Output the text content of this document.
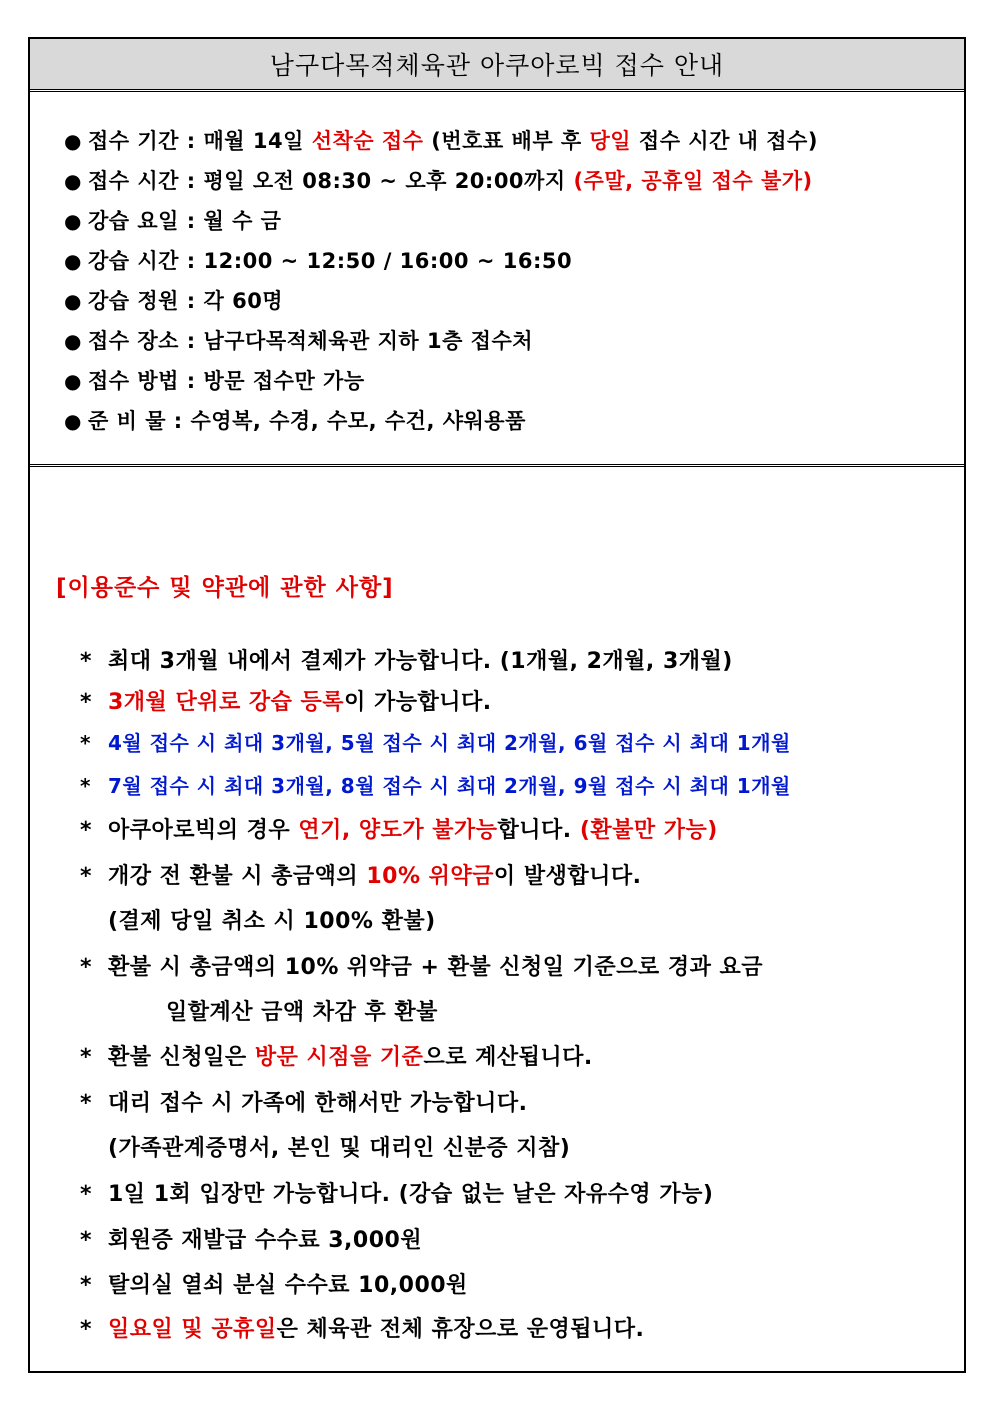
남구다목적체육관 아쿠아로빅 접수 안내
● 접수 기간 : 매월 14일 선착순 접수 (번호표 배부 후 당일 접수 시간 내 접수)
● 접수 시간 : 평일 오전 08:30 ~ 오후 20:00까지 (주말, 공휴일 접수 불가)
● 강습 요일 : 월 수 금
● 강습 시간 : 12:00 ~ 12:50 / 16:00 ~ 16:50
● 강습 정원 : 각 60명
● 접수 장소 : 남구다목적체육관 지하 1층 접수처
● 접수 방법 : 방문 접수만 가능
● 준 비 물 : 수영복, 수경, 수모, 수건, 샤워용품
[이용준수 및 약관에 관한 사항]
* 최대 3개월 내에서 결제가 가능합니다. (1개월, 2개월, 3개월)
* 3개월 단위로 강습 등록이 가능합니다.
* 4월 접수 시 최대 3개월, 5월 접수 시 최대 2개월, 6월 접수 시 최대 1개월
* 7월 접수 시 최대 3개월, 8월 접수 시 최대 2개월, 9월 접수 시 최대 1개월
* 아쿠아로빅의 경우 연기, 양도가 불가능합니다. (환불만 가능)
* 개강 전 환불 시 총금액의 10% 위약금이 발생합니다.
(결제 당일 취소 시 100% 환불)
* 환불 시 총금액의 10% 위약금 + 환불 신청일 기준으로 경과 요금
일할계산 금액 차감 후 환불
* 환불 신청일은 방문 시점을 기준으로 계산됩니다.
* 대리 접수 시 가족에 한해서만 가능합니다.
(가족관계증명서, 본인 및 대리인 신분증 지참)
* 1일 1회 입장만 가능합니다. (강습 없는 날은 자유수영 가능)
* 회원증 재발급 수수료 3,000원
* 탈의실 열쇠 분실 수수료 10,000원
* 일요일 및 공휴일은 체육관 전체 휴장으로 운영됩니다.
